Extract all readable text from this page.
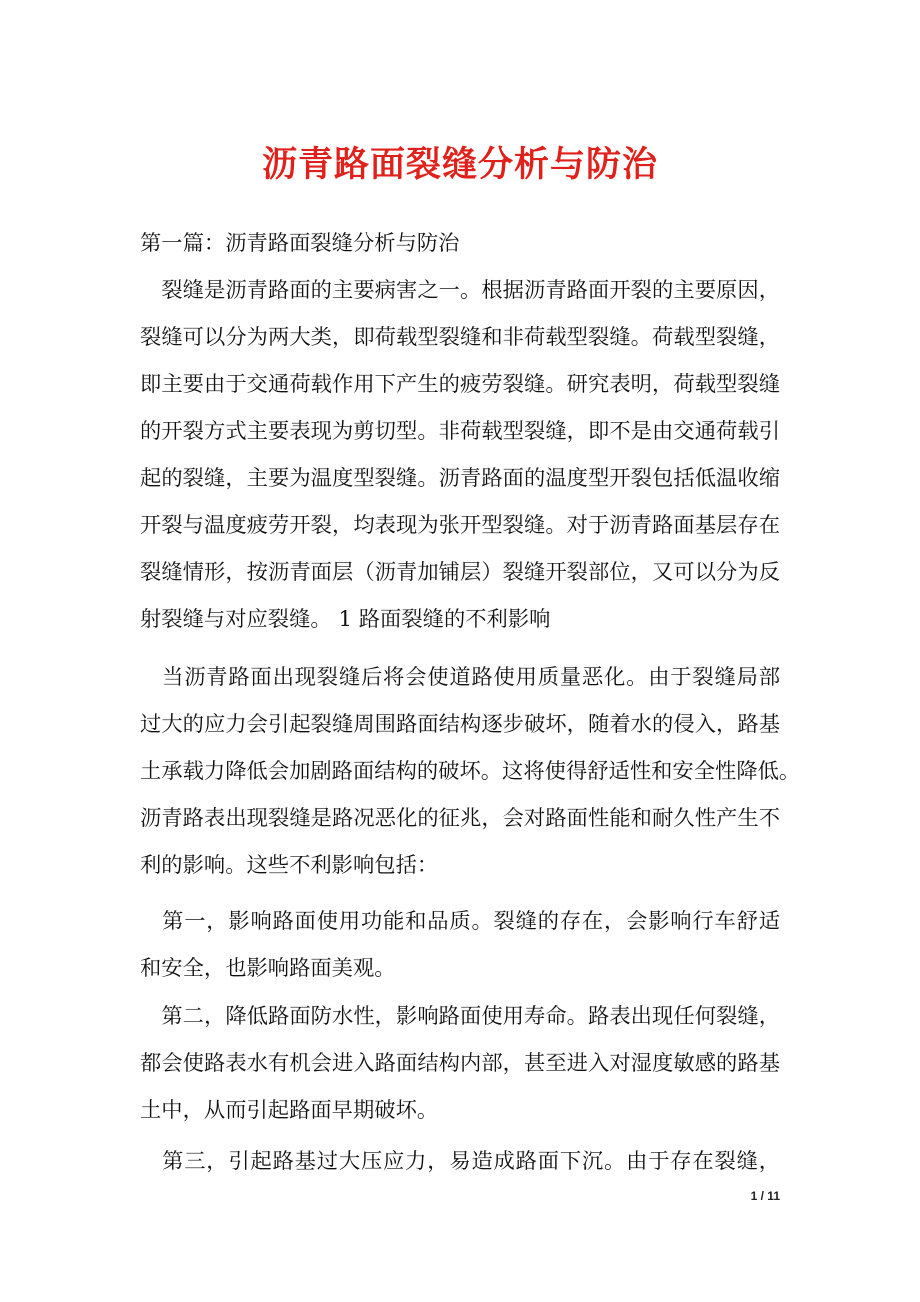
沥青路面裂缝分析与防治

第一篇：沥青路面裂缝分析与防治

　裂缝是沥青路面的主要病害之一。根据沥青路面开裂的主要原因，

裂缝可以分为两大类，即荷载型裂缝和非荷载型裂缝。荷载型裂缝，

即主要由于交通荷载作用下产生的疲劳裂缝。研究表明，荷载型裂缝

的开裂方式主要表现为剪切型。非荷载型裂缝，即不是由交通荷载引

起的裂缝，主要为温度型裂缝。沥青路面的温度型开裂包括低温收缩

开裂与温度疲劳开裂，均表现为张开型裂缝。对于沥青路面基层存在

裂缝情形，按沥青面层（沥青加铺层）裂缝开裂部位，又可以分为反

射裂缝与对应裂缝。 1 路面裂缝的不利影响

　当沥青路面出现裂缝后将会使道路使用质量恶化。由于裂缝局部

过大的应力会引起裂缝周围路面结构逐步破坏，随着水的侵入，路基

土承载力降低会加剧路面结构的破坏。这将使得舒适性和安全性降低。

沥青路表出现裂缝是路况恶化的征兆，会对路面性能和耐久性产生不

利的影响。这些不利影响包括：

　第一，影响路面使用功能和品质。裂缝的存在，会影响行车舒适

和安全，也影响路面美观。

　第二，降低路面防水性，影响路面使用寿命。路表出现任何裂缝，

都会使路表水有机会进入路面结构内部，甚至进入对湿度敏感的路基

土中，从而引起路面早期破坏。

　第三，引起路基过大压应力，易造成路面下沉。由于存在裂缝，

1 / 11
